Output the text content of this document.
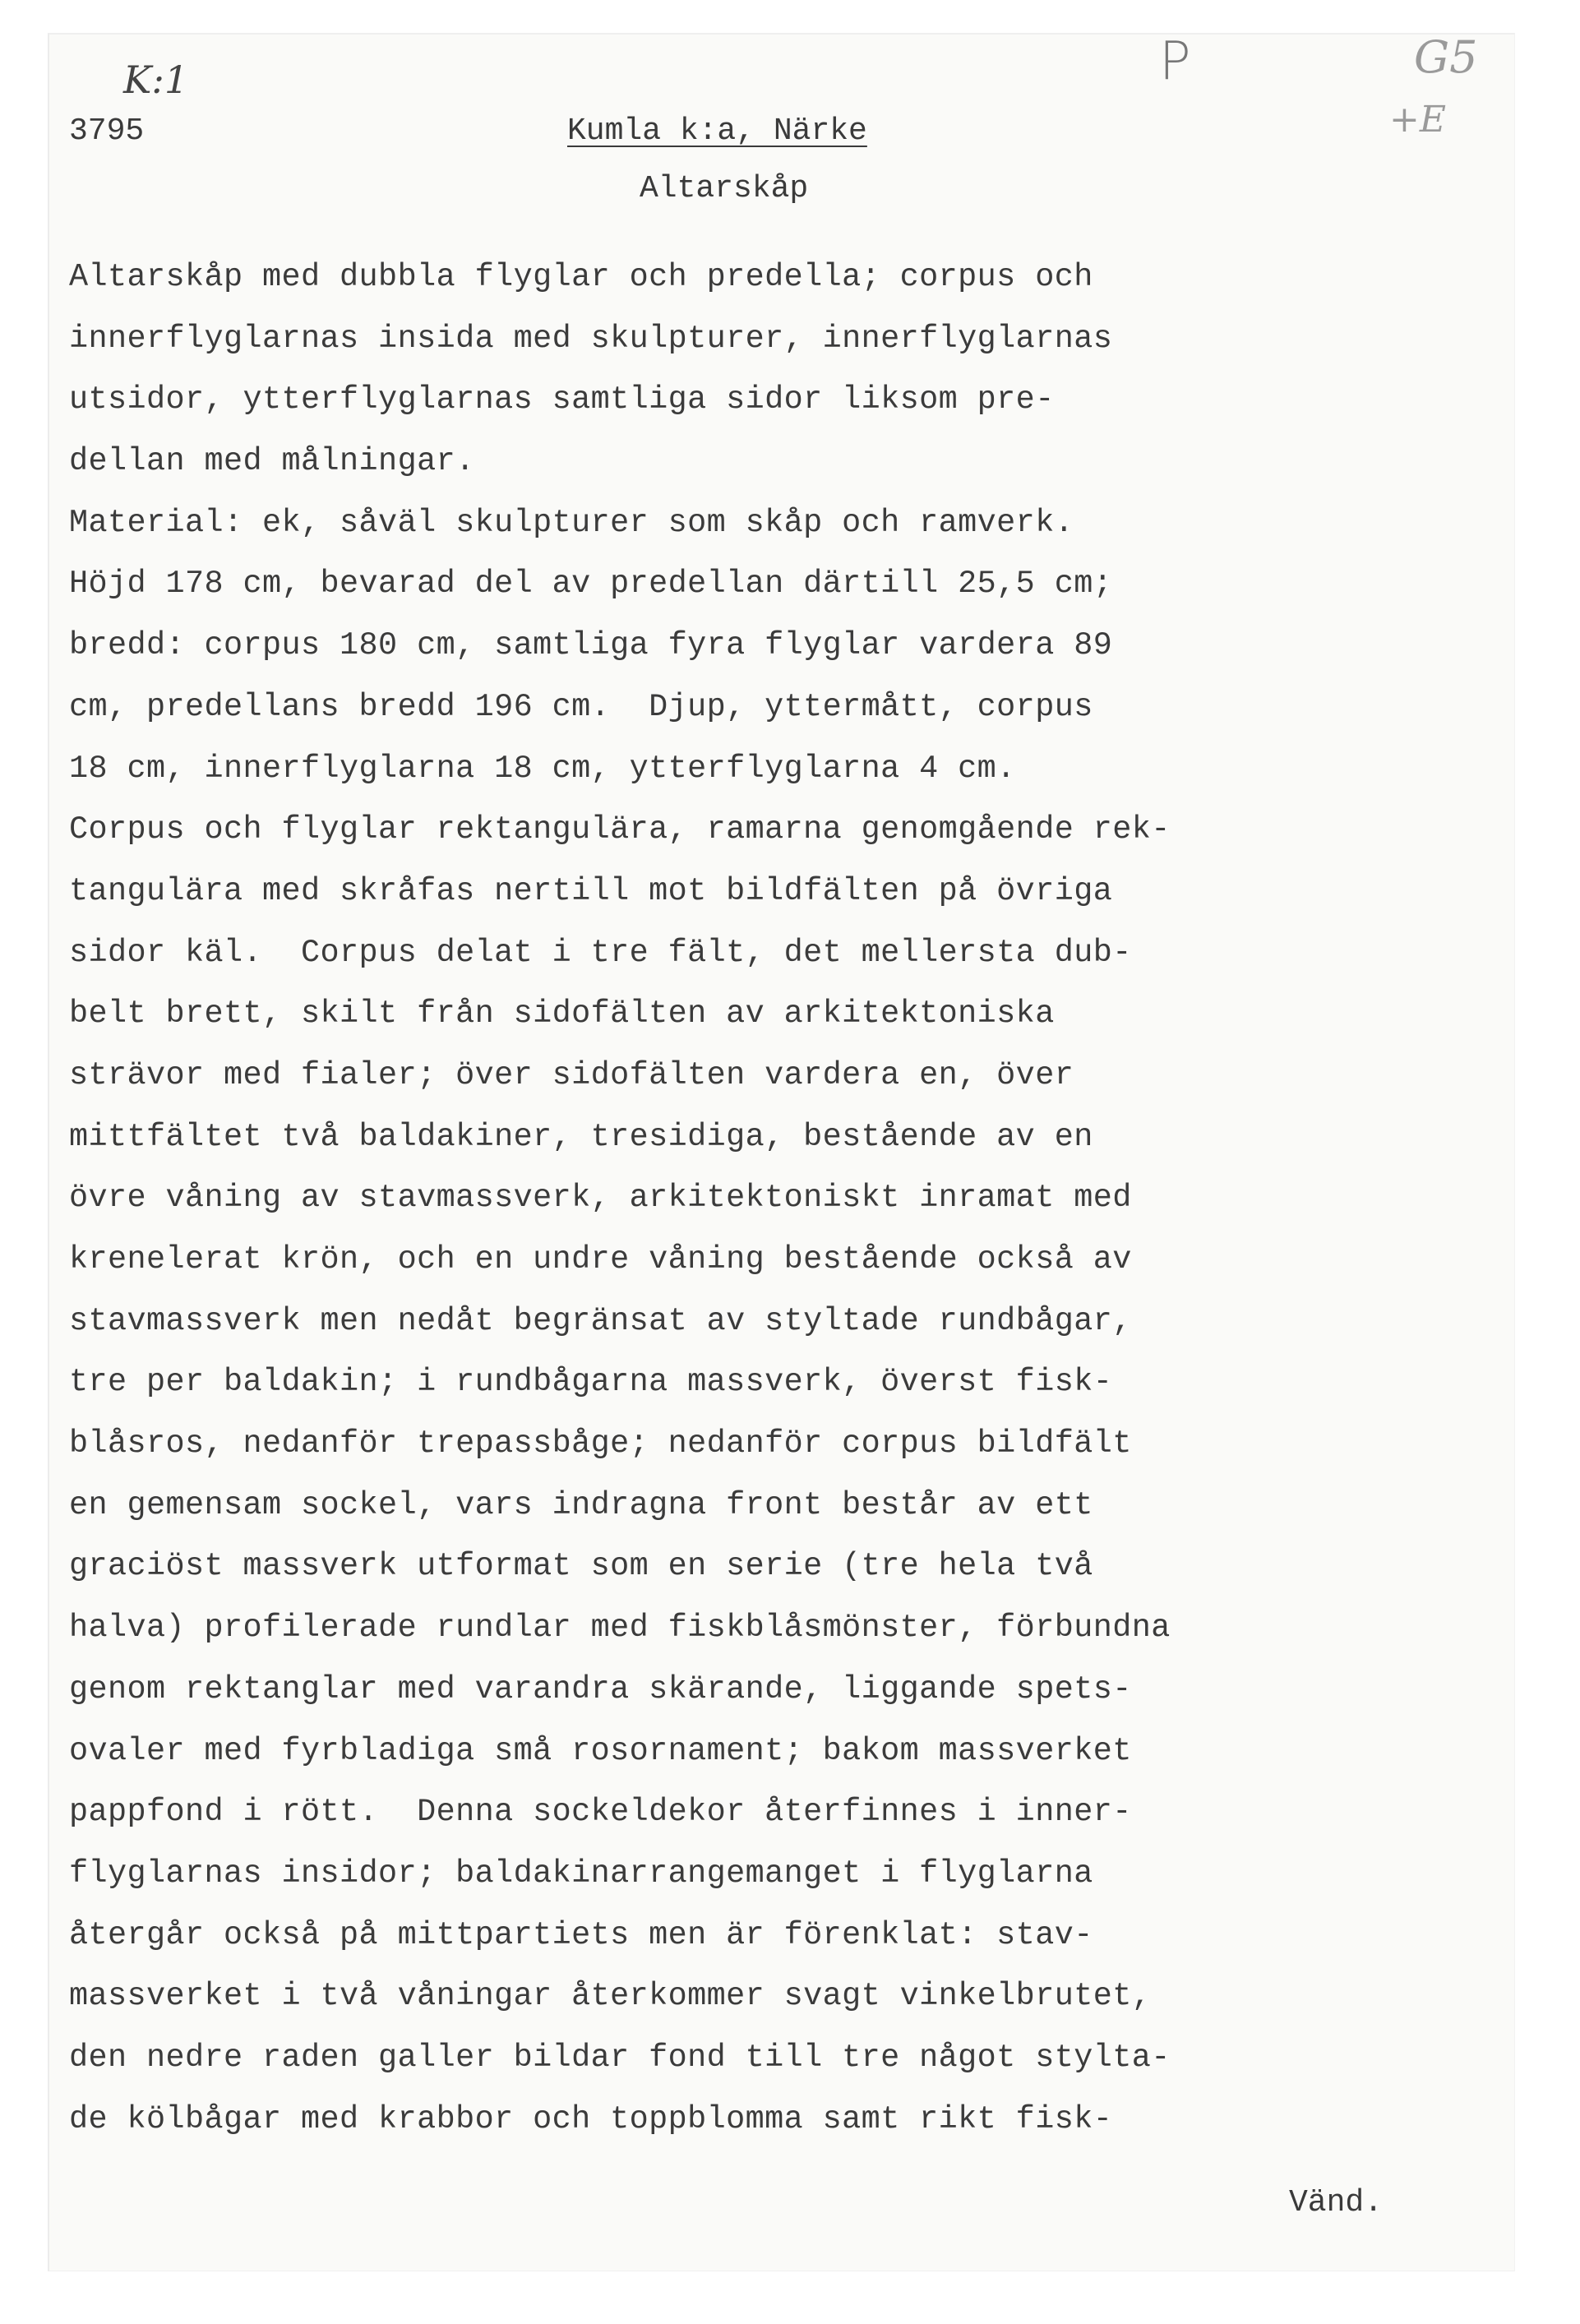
K:1	P	G5
+E
3795	Kumla k:a, Närke
Altarskåp
Altarskåp med dubbla flyglar och predella; corpus och
innerflyglarnas insida med skulpturer, innerflyglarnas
utsidor, ytterflyglarnas samtliga sidor liksom pre-
dellan med målningar.
Material: ek, såväl skulpturer som skåp och ramverk.
Höjd 178 cm, bevarad del av predellan därtill 25,5 cm;
bredd: corpus 180 cm, samtliga fyra flyglar vardera 89
cm, predellans bredd 196 cm.  Djup, yttermått, corpus
18 cm, innerflyglarna 18 cm, ytterflyglarna 4 cm.
Corpus och flyglar rektangulära, ramarna genomgående rek-
tangulära med skråfas nertill mot bildfälten på övriga
sidor käl.  Corpus delat i tre fält, det mellersta dub-
belt brett, skilt från sidofälten av arkitektoniska
strävor med fialer; över sidofälten vardera en, över
mittfältet två baldakiner, tresidiga, bestående av en
övre våning av stavmassverk, arkitektoniskt inramat med
krenelerat krön, och en undre våning bestående också av
stavmassverk men nedåt begränsat av styltade rundbågar,
tre per baldakin; i rundbågarna massverk, överst fisk-
blåsros, nedanför trepassbåge; nedanför corpus bildfält
en gemensam sockel, vars indragna front består av ett
graciöst massverk utformat som en serie (tre hela två
halva) profilerade rundlar med fiskblåsmönster, förbundna
genom rektanglar med varandra skärande, liggande spets-
ovaler med fyrbladiga små rosornament; bakom massverket
pappfond i rött.  Denna sockeldekor återfinnes i inner-
flyglarnas insidor; baldakinarrangemanget i flyglarna
återgår också på mittpartiets men är förenklat: stav-
massverket i två våningar återkommer svagt vinkelbrutet,
den nedre raden galler bildar fond till tre något stylta-
de kölbågar med krabbor och toppblomma samt rikt fisk-
Vänd.
